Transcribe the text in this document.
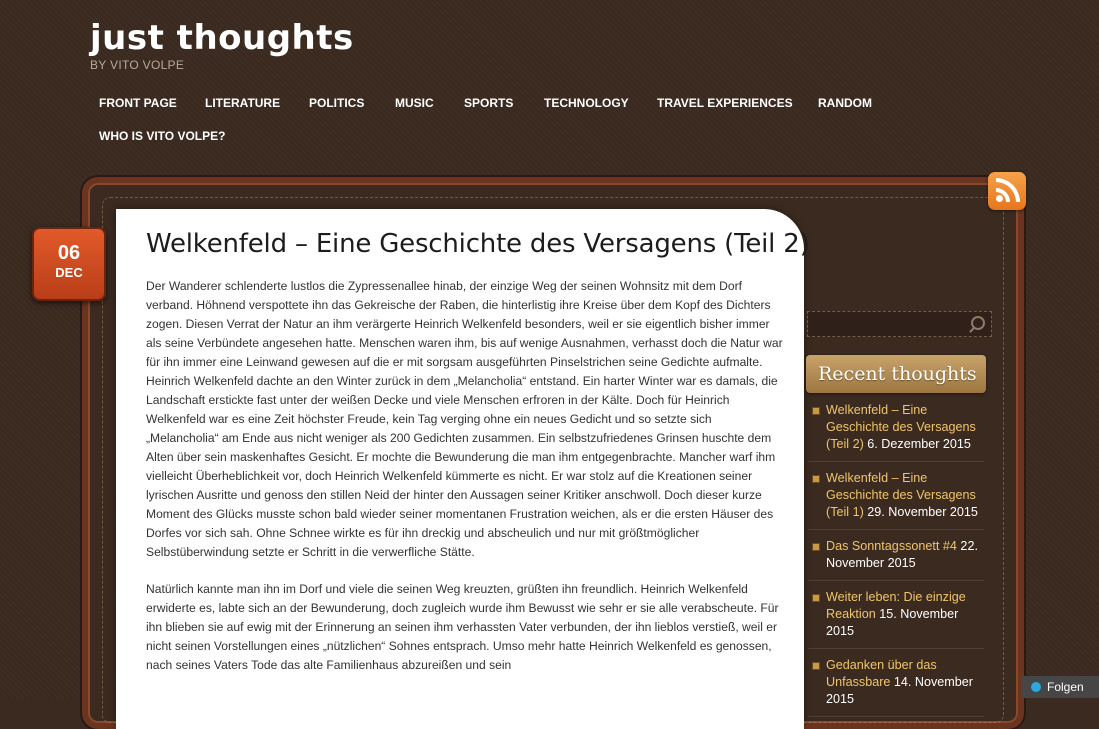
just thoughts
BY VITO VOLPE
FRONT PAGE	LITERATURE	POLITICS	MUSIC	SPORTS	TECHNOLOGY	TRAVEL EXPERIENCES	RANDOM
WHO IS VITO VOLPE?
06
DEC
Welkenfeld – Eine Geschichte des Versagens (Teil 2)

Der Wanderer schlenderte lustlos die Zypressenallee hinab, der einzige Weg der seinen Wohnsitz mit dem Dorf verband. Höhnend verspottete ihn das Gekreische der Raben, die hinterlistig ihre Kreise über dem Kopf des Dichters zogen. Diesen Verrat der Natur an ihm verärgerte Heinrich Welkenfeld besonders, weil er sie eigentlich bisher immer als seine Verbündete angesehen hatte. Menschen waren ihm, bis auf wenige Ausnahmen, verhasst doch die Natur war für ihn immer eine Leinwand gewesen auf die er mit sorgsam ausgeführten Pinselstrichen seine Gedichte aufmalte. Heinrich Welkenfeld dachte an den Winter zurück in dem „Melancholia“ entstand. Ein harter Winter war es damals, die Landschaft erstickte fast unter der weißen Decke und viele Menschen erfroren in der Kälte. Doch für Heinrich Welkenfeld war es eine Zeit höchster Freude, kein Tag verging ohne ein neues Gedicht und so setzte sich „Melancholia“ am Ende aus nicht weniger als 200 Gedichten zusammen. Ein selbstzufriedenes Grinsen huschte dem Alten über sein maskenhaftes Gesicht. Er mochte die Bewunderung die man ihm entgegenbrachte. Mancher warf ihm vielleicht Überheblichkeit vor, doch Heinrich Welkenfeld kümmerte es nicht. Er war stolz auf die Kreationen seiner lyrischen Ausritte und genoss den stillen Neid der hinter den Aussagen seiner Kritiker anschwoll. Doch dieser kurze Moment des Glücks musste schon bald wieder seiner momentanen Frustration weichen, als er die ersten Häuser des Dorfes vor sich sah. Ohne Schnee wirkte es für ihn dreckig und abscheulich und nur mit größtmöglicher Selbstüberwindung setzte er Schritt in die verwerfliche Stätte.

Natürlich kannte man ihn im Dorf und viele die seinen Weg kreuzten, grüßten ihn freundlich. Heinrich Welkenfeld erwiderte es, labte sich an der Bewunderung, doch zugleich wurde ihm Bewusst wie sehr er sie alle verabscheute. Für ihn blieben sie auf ewig mit der Erinnerung an seinen ihm verhassten Vater verbunden, der ihn lieblos verstieß, weil er nicht seinen Vorstellungen eines „nützlichen“ Sohnes entsprach. Umso mehr hatte Heinrich Welkenfeld es genossen, nach seines Vaters Tode das alte Familienhaus abzureißen und sein

Recent thoughts
Welkenfeld – Eine Geschichte des Versagens (Teil 2) 6. Dezember 2015
Welkenfeld – Eine Geschichte des Versagens (Teil 1) 29. November 2015
Das Sonntagssonett #4 22. November 2015
Weiter leben: Die einzige Reaktion 15. November 2015
Gedanken über das Unfassbare 14. November 2015
Folgen
